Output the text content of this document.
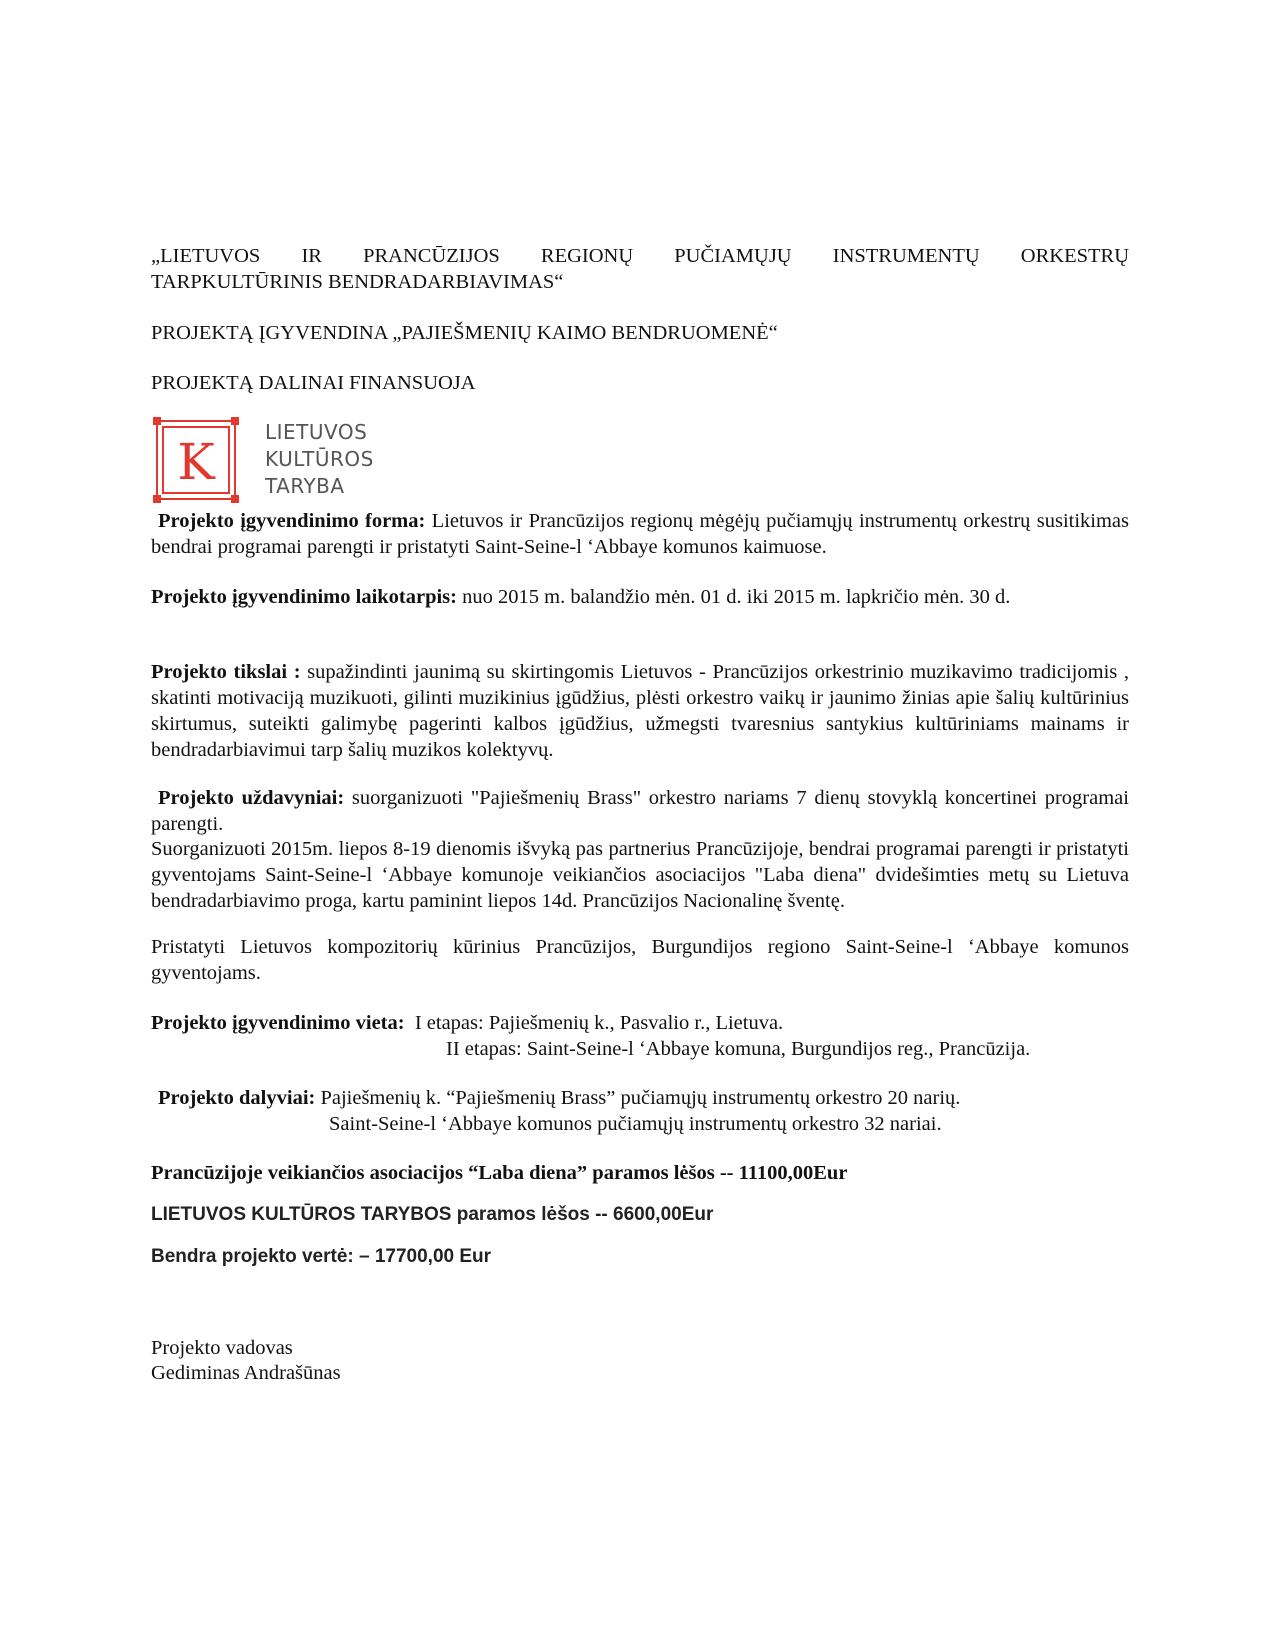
„LIETUVOS IR PRANCŪZIJOS REGIONŲ PUČIAMŲJŲ INSTRUMENTŲ ORKESTRŲ

TARPKULTŪRINIS BENDRADARBIAVIMAS“

PROJEKTĄ ĮGYVENDINA „PAJIEŠMENIŲ KAIMO BENDRUOMENĖ“

PROJEKTĄ DALINAI FINANSUOJA

K
LIETUVOS
KULTŪROS
TARYBA

Projekto įgyvendinimo forma: Lietuvos ir Prancūzijos regionų mėgėjų pučiamųjų instrumentų orkestrų susitikimas bendrai programai parengti ir pristatyti Saint-Seine-l ‘Abbaye komunos kaimuose.

Projekto įgyvendinimo laikotarpis: nuo 2015 m. balandžio mėn. 01 d. iki 2015 m. lapkričio mėn. 30 d.

Projekto tikslai : supažindinti jaunimą su skirtingomis Lietuvos - Prancūzijos orkestrinio muzikavimo tradicijomis , skatinti motivaciją muzikuoti, gilinti muzikinius įgūdžius, plėsti orkestro vaikų ir jaunimo žinias apie šalių kultūrinius skirtumus, suteikti galimybę pagerinti kalbos įgūdžius, užmegsti tvaresnius santykius kultūriniams mainams ir bendradarbiavimui tarp šalių muzikos kolektyvų.

Projekto uždavyniai: suorganizuoti "Pajiešmenių Brass" orkestro nariams 7 dienų stovyklą koncertinei programai parengti.

Suorganizuoti 2015m. liepos 8-19 dienomis išvyką pas partnerius Prancūzijoje, bendrai programai parengti ir pristatyti gyventojams Saint-Seine-l ‘Abbaye komunoje veikiančios asociacijos "Laba diena" dvidešimties metų su Lietuva bendradarbiavimo proga, kartu paminint liepos 14d. Prancūzijos Nacionalinę šventę.

Pristatyti Lietuvos kompozitorių kūrinius Prancūzijos, Burgundijos regiono Saint-Seine-l ‘Abbaye komunos gyventojams.

Projekto įgyvendinimo vieta: I etapas: Pajiešmenių k., Pasvalio r., Lietuva.

II etapas: Saint-Seine-l ‘Abbaye komuna, Burgundijos reg., Prancūzija.

Projekto dalyviai: Pajiešmenių k. “Pajiešmenių Brass” pučiamųjų instrumentų orkestro 20 narių.

Saint-Seine-l ‘Abbaye komunos pučiamųjų instrumentų orkestro 32 nariai.

Prancūzijoje veikiančios asociacijos “Laba diena” paramos lėšos -- 11100,00Eur

LIETUVOS KULTŪROS TARYBOS paramos lėšos -- 6600,00Eur

Bendra projekto vertė: – 17700,00 Eur

Projekto vadovas

Gediminas Andrašūnas
